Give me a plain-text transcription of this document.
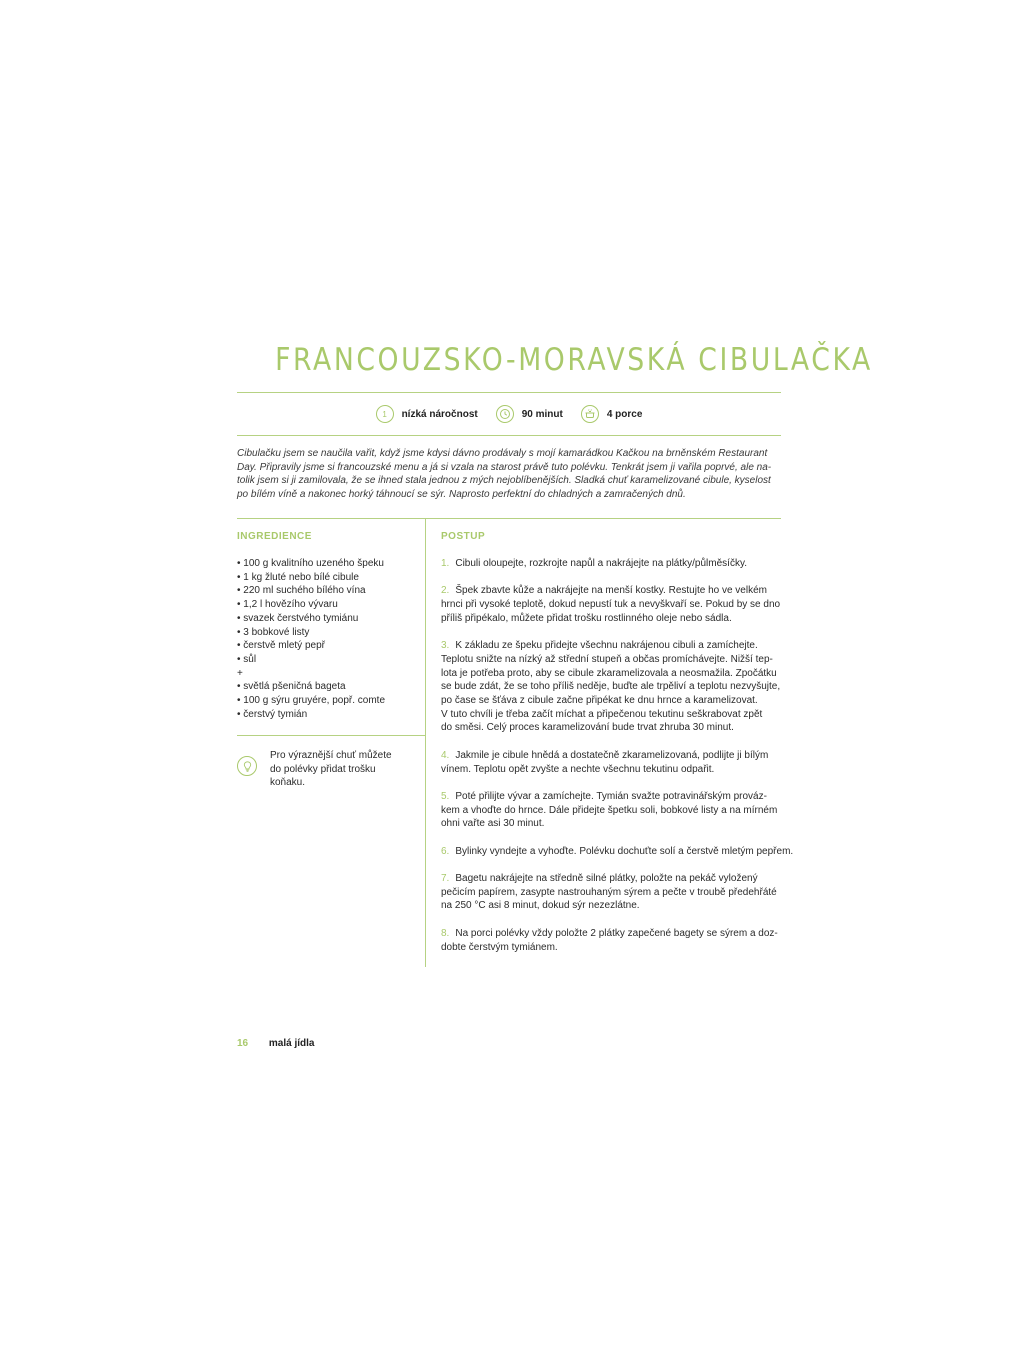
FRANCOUZSKO-MORAVSKÁ CIBULAČKA
1	nízká náročnost	90 minut	4 porce
Cibulačku jsem se naučila vařit, když jsme kdysi dávno prodávaly s mojí kamarádkou Kačkou na brněnském Restaurant
Day. Připravily jsme si francouzské menu a já si vzala na starost právě tuto polévku. Tenkrát jsem ji vařila poprvé, ale na-
tolik jsem si ji zamilovala, že se ihned stala jednou z mých nejoblíbenějších. Sladká chuť karamelizované cibule, kyselost
po bílém víně a nakonec horký táhnoucí se sýr. Naprosto perfektní do chladných a zamračených dnů.
INGREDIENCE	POSTUP
• 100 g kvalitního uzeného špeku
• 1 kg žluté nebo bílé cibule
• 220 ml suchého bílého vína
• 1,2 l hovězího vývaru
• svazek čerstvého tymiánu
• 3 bobkové listy
• čerstvě mletý pepř
• sůl
+
• světlá pšeničná bageta
• 100 g sýru gruyére, popř. comte
• čerstvý tymián
Pro výraznější chuť můžete
do polévky přidat trošku
koňaku.
1. Cibuli oloupejte, rozkrojte napůl a nakrájejte na plátky/půlměsíčky.
2. Špek zbavte kůže a nakrájejte na menší kostky. Restujte ho ve velkém
hrnci při vysoké teplotě, dokud nepustí tuk a nevyškvaří se. Pokud by se dno
příliš připékalo, můžete přidat trošku rostlinného oleje nebo sádla.
3. K základu ze špeku přidejte všechnu nakrájenou cibuli a zamíchejte.
Teplotu snižte na nízký až střední stupeň a občas promíchávejte. Nižší tep-
lota je potřeba proto, aby se cibule zkaramelizovala a neosmažila. Zpočátku
se bude zdát, že se toho příliš neděje, buďte ale trpěliví a teplotu nezvyšujte,
po čase se šťáva z cibule začne připékat ke dnu hrnce a karamelizovat.
V tuto chvíli je třeba začít míchat a připečenou tekutinu seškrabovat zpět
do směsi. Celý proces karamelizování bude trvat zhruba 30 minut.
4. Jakmile je cibule hnědá a dostatečně zkaramelizovaná, podlijte ji bílým
vínem. Teplotu opět zvyšte a nechte všechnu tekutinu odpařit.
5. Poté přilijte vývar a zamíchejte. Tymián svažte potravinářským prováz-
kem a vhoďte do hrnce. Dále přidejte špetku soli, bobkové listy a na mírném
ohni vařte asi 30 minut.
6. Bylinky vyndejte a vyhoďte. Polévku dochuťte solí a čerstvě mletým pepřem.
7. Bagetu nakrájejte na středně silné plátky, položte na pekáč vyložený
pečicím papírem, zasypte nastrouhaným sýrem a pečte v troubě předehřáté
na 250 °C asi 8 minut, dokud sýr nezezlátne.
8. Na porci polévky vždy položte 2 plátky zapečené bagety se sýrem a doz-
dobte čerstvým tymiánem.
16 malá jídla
